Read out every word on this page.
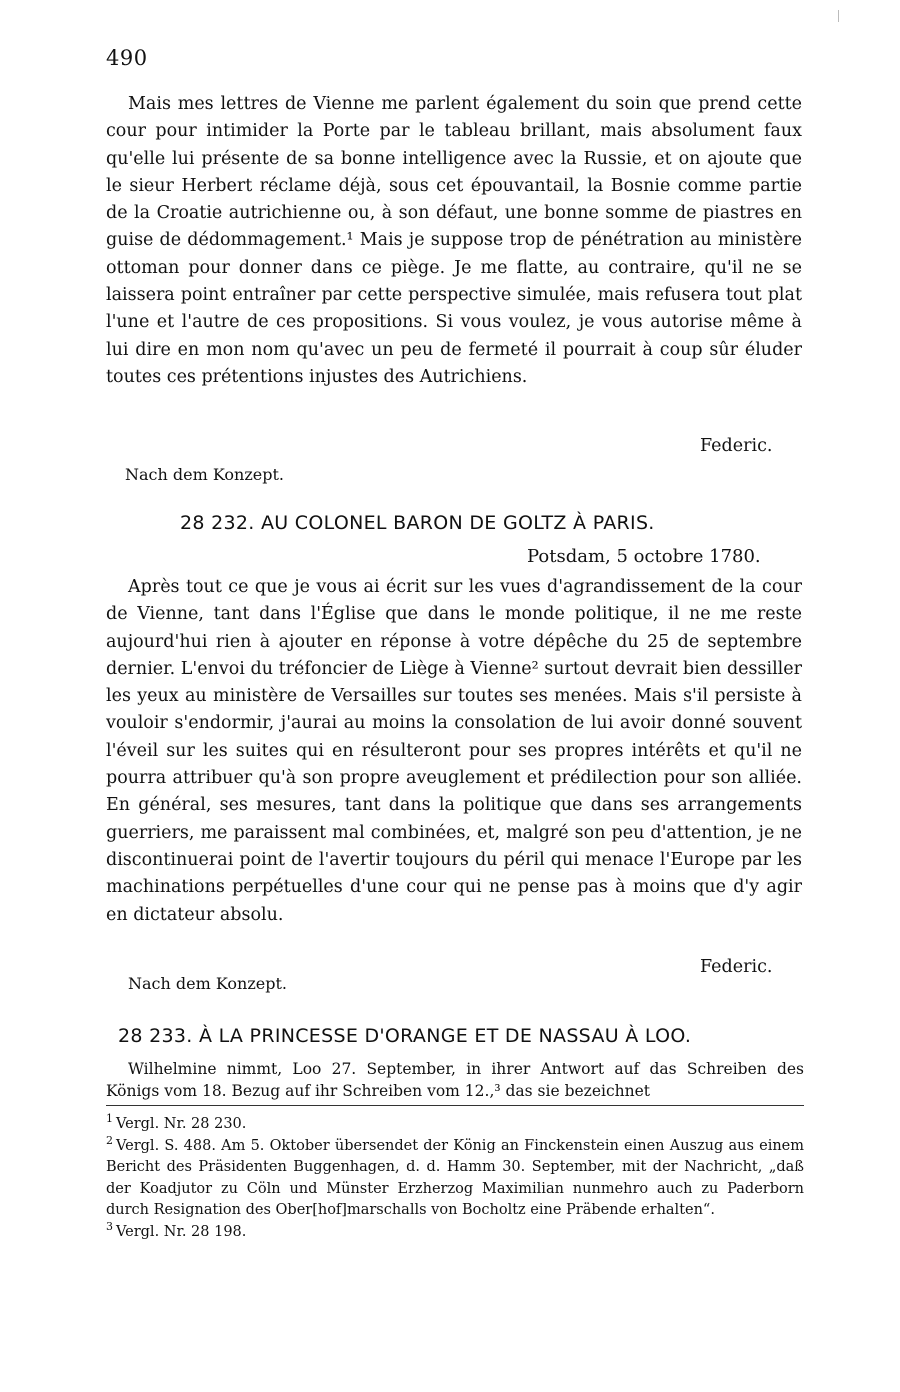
490
Mais mes lettres de Vienne me parlent également du soin que prend cette cour pour intimider la Porte par le tableau brillant, mais absolument faux qu'elle lui présente de sa bonne intelligence avec la Russie, et on ajoute que le sieur Herbert réclame déjà, sous cet épouvantail, la Bosnie comme partie de la Croatie autrichienne ou, à son défaut, une bonne somme de piastres en guise de dédommagement.¹ Mais je suppose trop de pénétration au ministère ottoman pour donner dans ce piège. Je me flatte, au contraire, qu'il ne se laissera point entraîner par cette perspective simulée, mais refusera tout plat l'une et l'autre de ces propositions. Si vous voulez, je vous autorise même à lui dire en mon nom qu'avec un peu de fermeté il pourrait à coup sûr éluder toutes ces prétentions injustes des Autrichiens.
Federic.
Nach dem Konzept.
28 232. AU COLONEL BARON DE GOLTZ À PARIS.
Potsdam, 5 octobre 1780.
Après tout ce que je vous ai écrit sur les vues d'agrandissement de la cour de Vienne, tant dans l'Église que dans le monde politique, il ne me reste aujourd'hui rien à ajouter en réponse à votre dépêche du 25 de septembre dernier. L'envoi du tréfoncier de Liège à Vienne² surtout devrait bien dessiller les yeux au ministère de Versailles sur toutes ses menées. Mais s'il persiste à vouloir s'endormir, j'aurai au moins la consolation de lui avoir donné souvent l'éveil sur les suites qui en résulteront pour ses propres intérêts et qu'il ne pourra attribuer qu'à son propre aveuglement et prédilection pour son alliée. En général, ses mesures, tant dans la politique que dans ses arrangements guerriers, me paraissent mal combinées, et, malgré son peu d'attention, je ne discontinuerai point de l'avertir toujours du péril qui menace l'Europe par les machinations perpétuelles d'une cour qui ne pense pas à moins que d'y agir en dictateur absolu.
Federic.
Nach dem Konzept.
28 233. À LA PRINCESSE D'ORANGE ET DE NASSAU À LOO.
Wilhelmine nimmt, Loo 27. September, in ihrer Antwort auf das Schreiben des Königs vom 18. Bezug auf ihr Schreiben vom 12.,³ das sie bezeichnet
$^1$ Vergl. Nr. 28 230.
$^2$ Vergl. S. 488. Am 5. Oktober übersendet der König an Finckenstein einen Auszug aus einem Bericht des Präsidenten Buggenhagen, d. d. Hamm 30. September, mit der Nachricht, „daß der Koadjutor zu Cöln und Münster Erzherzog Maximilian nunmehro auch zu Paderborn durch Resignation des Ober[hof]marschalls von Bocholtz eine Präbende erhalten“.
$^3$ Vergl. Nr. 28 198.
